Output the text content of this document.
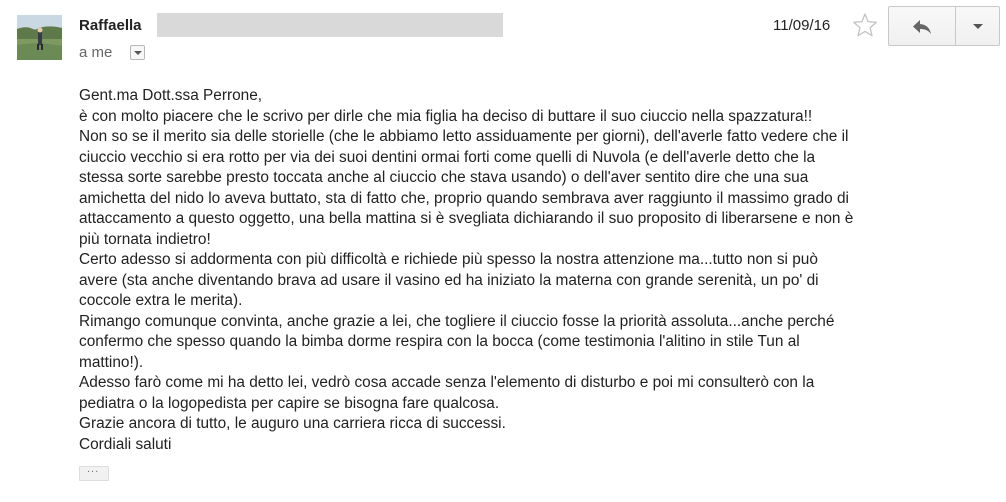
Raffaella
a me
11/09/16
Gent.ma Dott.ssa Perrone,
è con molto piacere che le scrivo per dirle che mia figlia ha deciso di buttare il suo ciuccio nella spazzatura!!
Non so se il merito sia delle storielle (che le abbiamo letto assiduamente per giorni), dell'averle fatto vedere che il
ciuccio vecchio si era rotto per via dei suoi dentini ormai forti come quelli di Nuvola (e dell'averle detto che la
stessa sorte sarebbe presto toccata anche al ciuccio che stava usando) o dell'aver sentito dire che una sua
amichetta del nido lo aveva buttato, sta di fatto che, proprio quando sembrava aver raggiunto il massimo grado di
attaccamento a questo oggetto, una bella mattina si è svegliata dichiarando il suo proposito di liberarsene e non è
più tornata indietro!
Certo adesso si addormenta con più difficoltà e richiede più spesso la nostra attenzione ma...tutto non si può
avere (sta anche diventando brava ad usare il vasino ed ha iniziato la materna con grande serenità, un po' di
coccole extra le merita).
Rimango comunque convinta, anche grazie a lei, che togliere il ciuccio fosse la priorità assoluta...anche perché
confermo che spesso quando la bimba dorme respira con la bocca (come testimonia l'alitino in stile Tun al
mattino!).
Adesso farò come mi ha detto lei, vedrò cosa accade senza l'elemento di disturbo e poi mi consulterò con la
pediatra o la logopedista per capire se bisogna fare qualcosa.
Grazie ancora di tutto, le auguro una carriera ricca di successi.
Cordiali saluti
...
